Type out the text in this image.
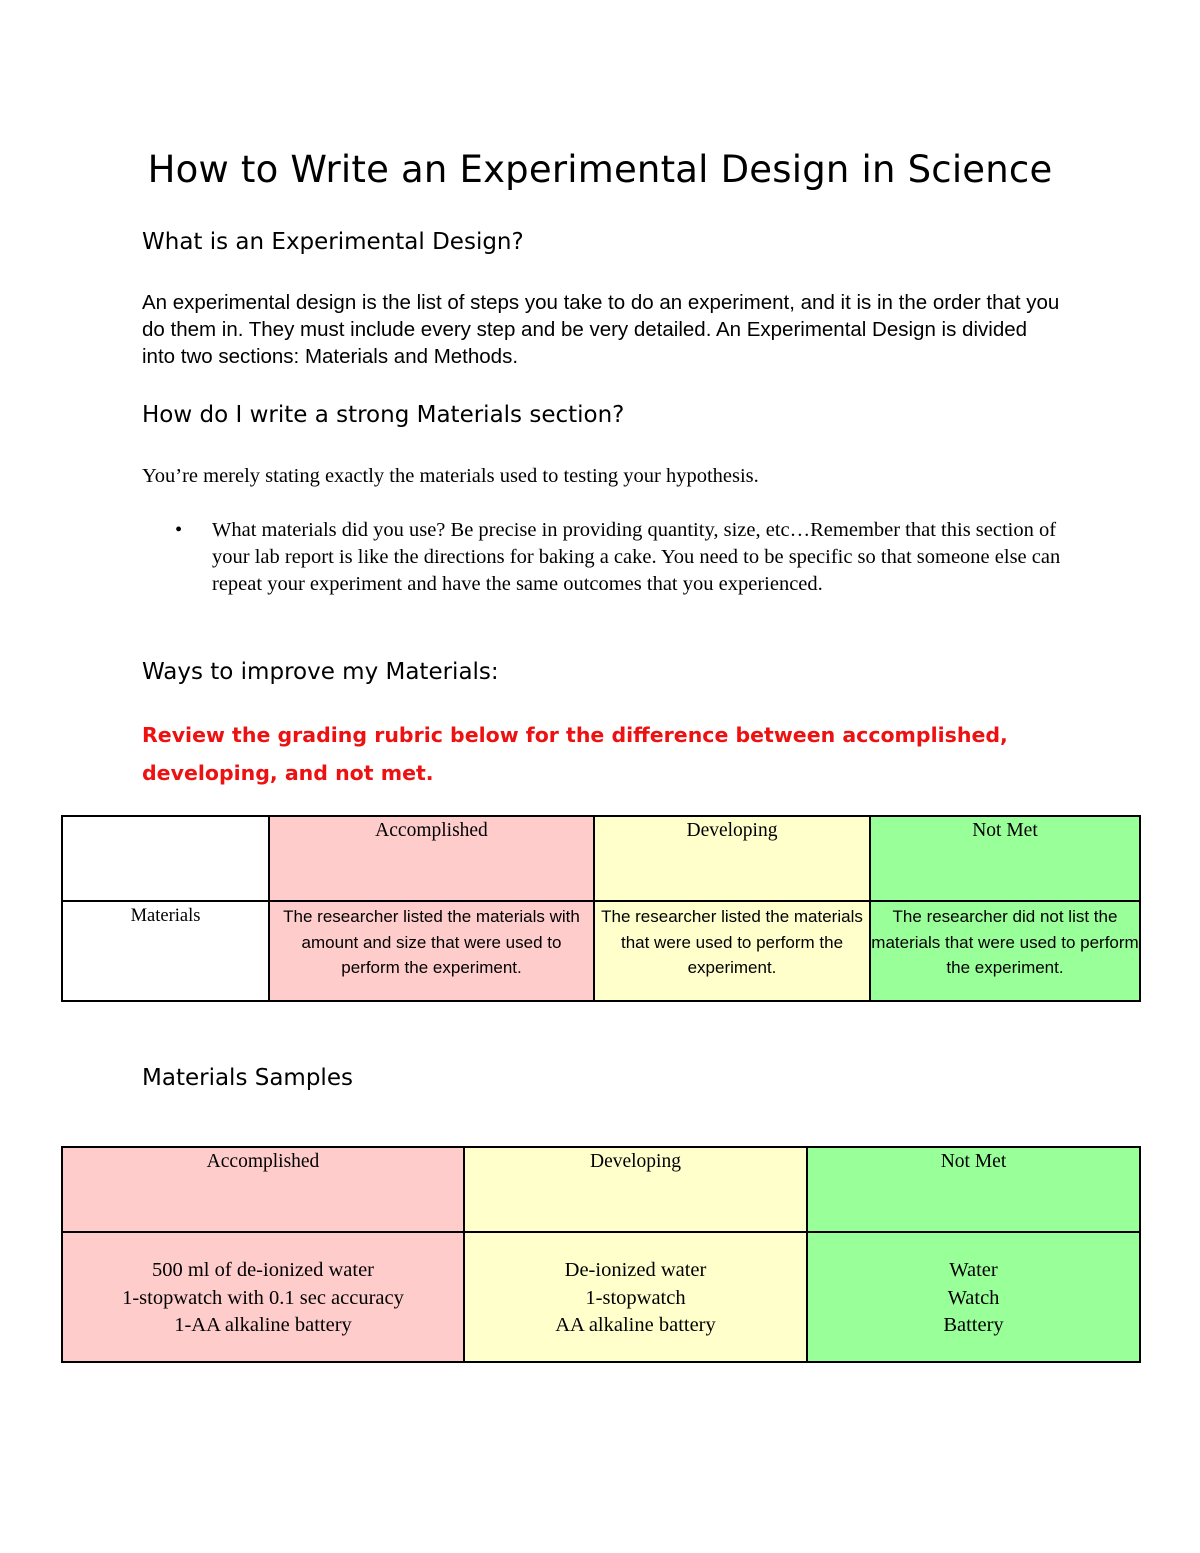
How to Write an Experimental Design in Science
What is an Experimental Design?

An experimental design is the list of steps you take to do an experiment, and it is in the order that you do them in. They must include every step and be very detailed. An Experimental Design is divided into two sections: Materials and Methods.

How do I write a strong Materials section?

You’re merely stating exactly the materials used to testing your hypothesis.

• What materials did you use? Be precise in providing quantity, size, etc…Remember that this section of your lab report is like the directions for baking a cake. You need to be specific so that someone else can repeat your experiment and have the same outcomes that you experienced.
Ways to improve my Materials:

Review the grading rubric below for the difference between accomplished, developing, and not met.

	Accomplished	Developing	Not Met
Materials	The researcher listed the materials with amount and size that were used to perform the experiment.	The researcher listed the materials that were used to perform the experiment.	The researcher did not list the materials that were used to perform the experiment.
Materials Samples
Accomplished	Developing	Not Met

500 ml of de-ionized water
1-stopwatch with 0.1 sec accuracy
1-AA alkaline battery	De-ionized water
1-stopwatch
AA alkaline battery	Water
Watch
Battery
